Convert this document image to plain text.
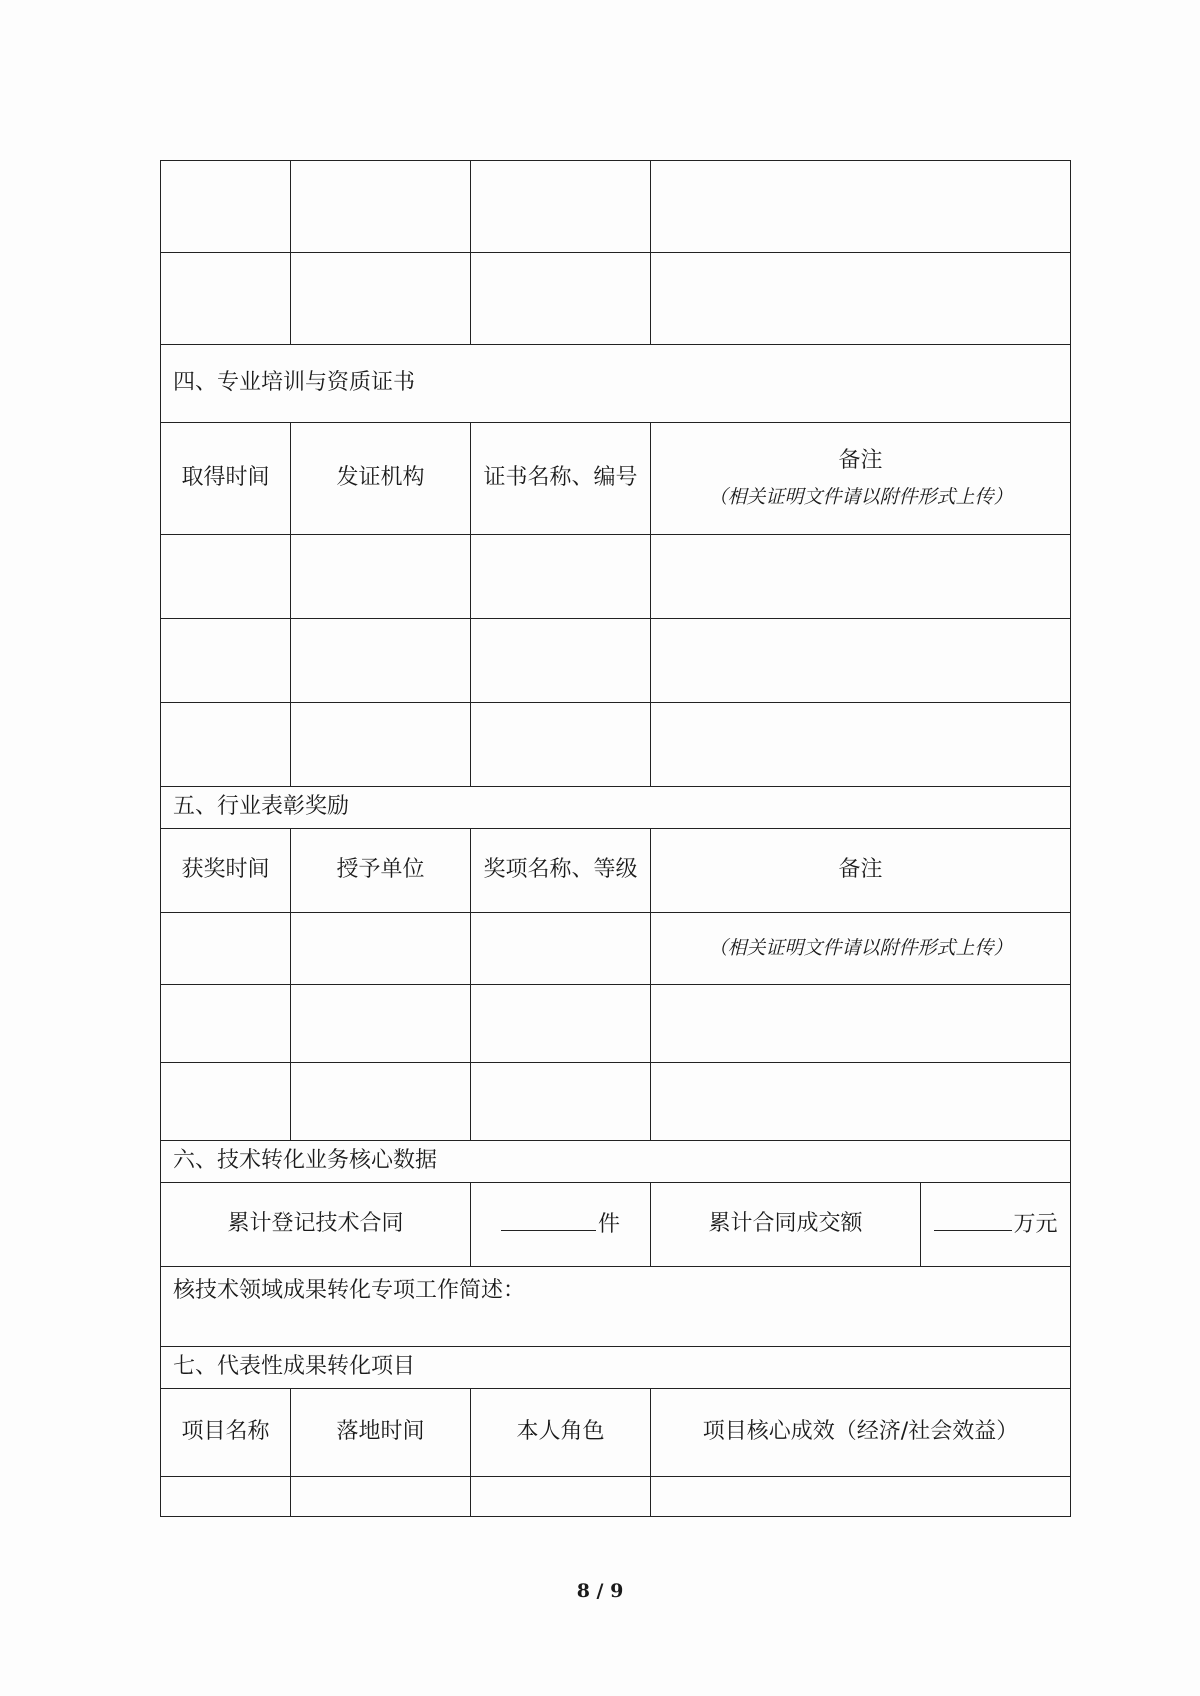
四、专业培训与资质证书				
取得时间	发证机构	证书名称、编号	备注
（相关证明文件请以附件形式上传）	

五、行业表彰奖励				
获奖时间	授予单位	奖项名称、等级	备注	
			（相关证明文件请以附件形式上传）	

六、技术转化业务核心数据				
累计登记技术合同		件	累计合同成交额	万元
核技术领域成果转化专项工作简述：				
七、代表性成果转化项目				
项目名称	落地时间	本人角色	项目核心成效（经济/社会效益）	

8 / 9
